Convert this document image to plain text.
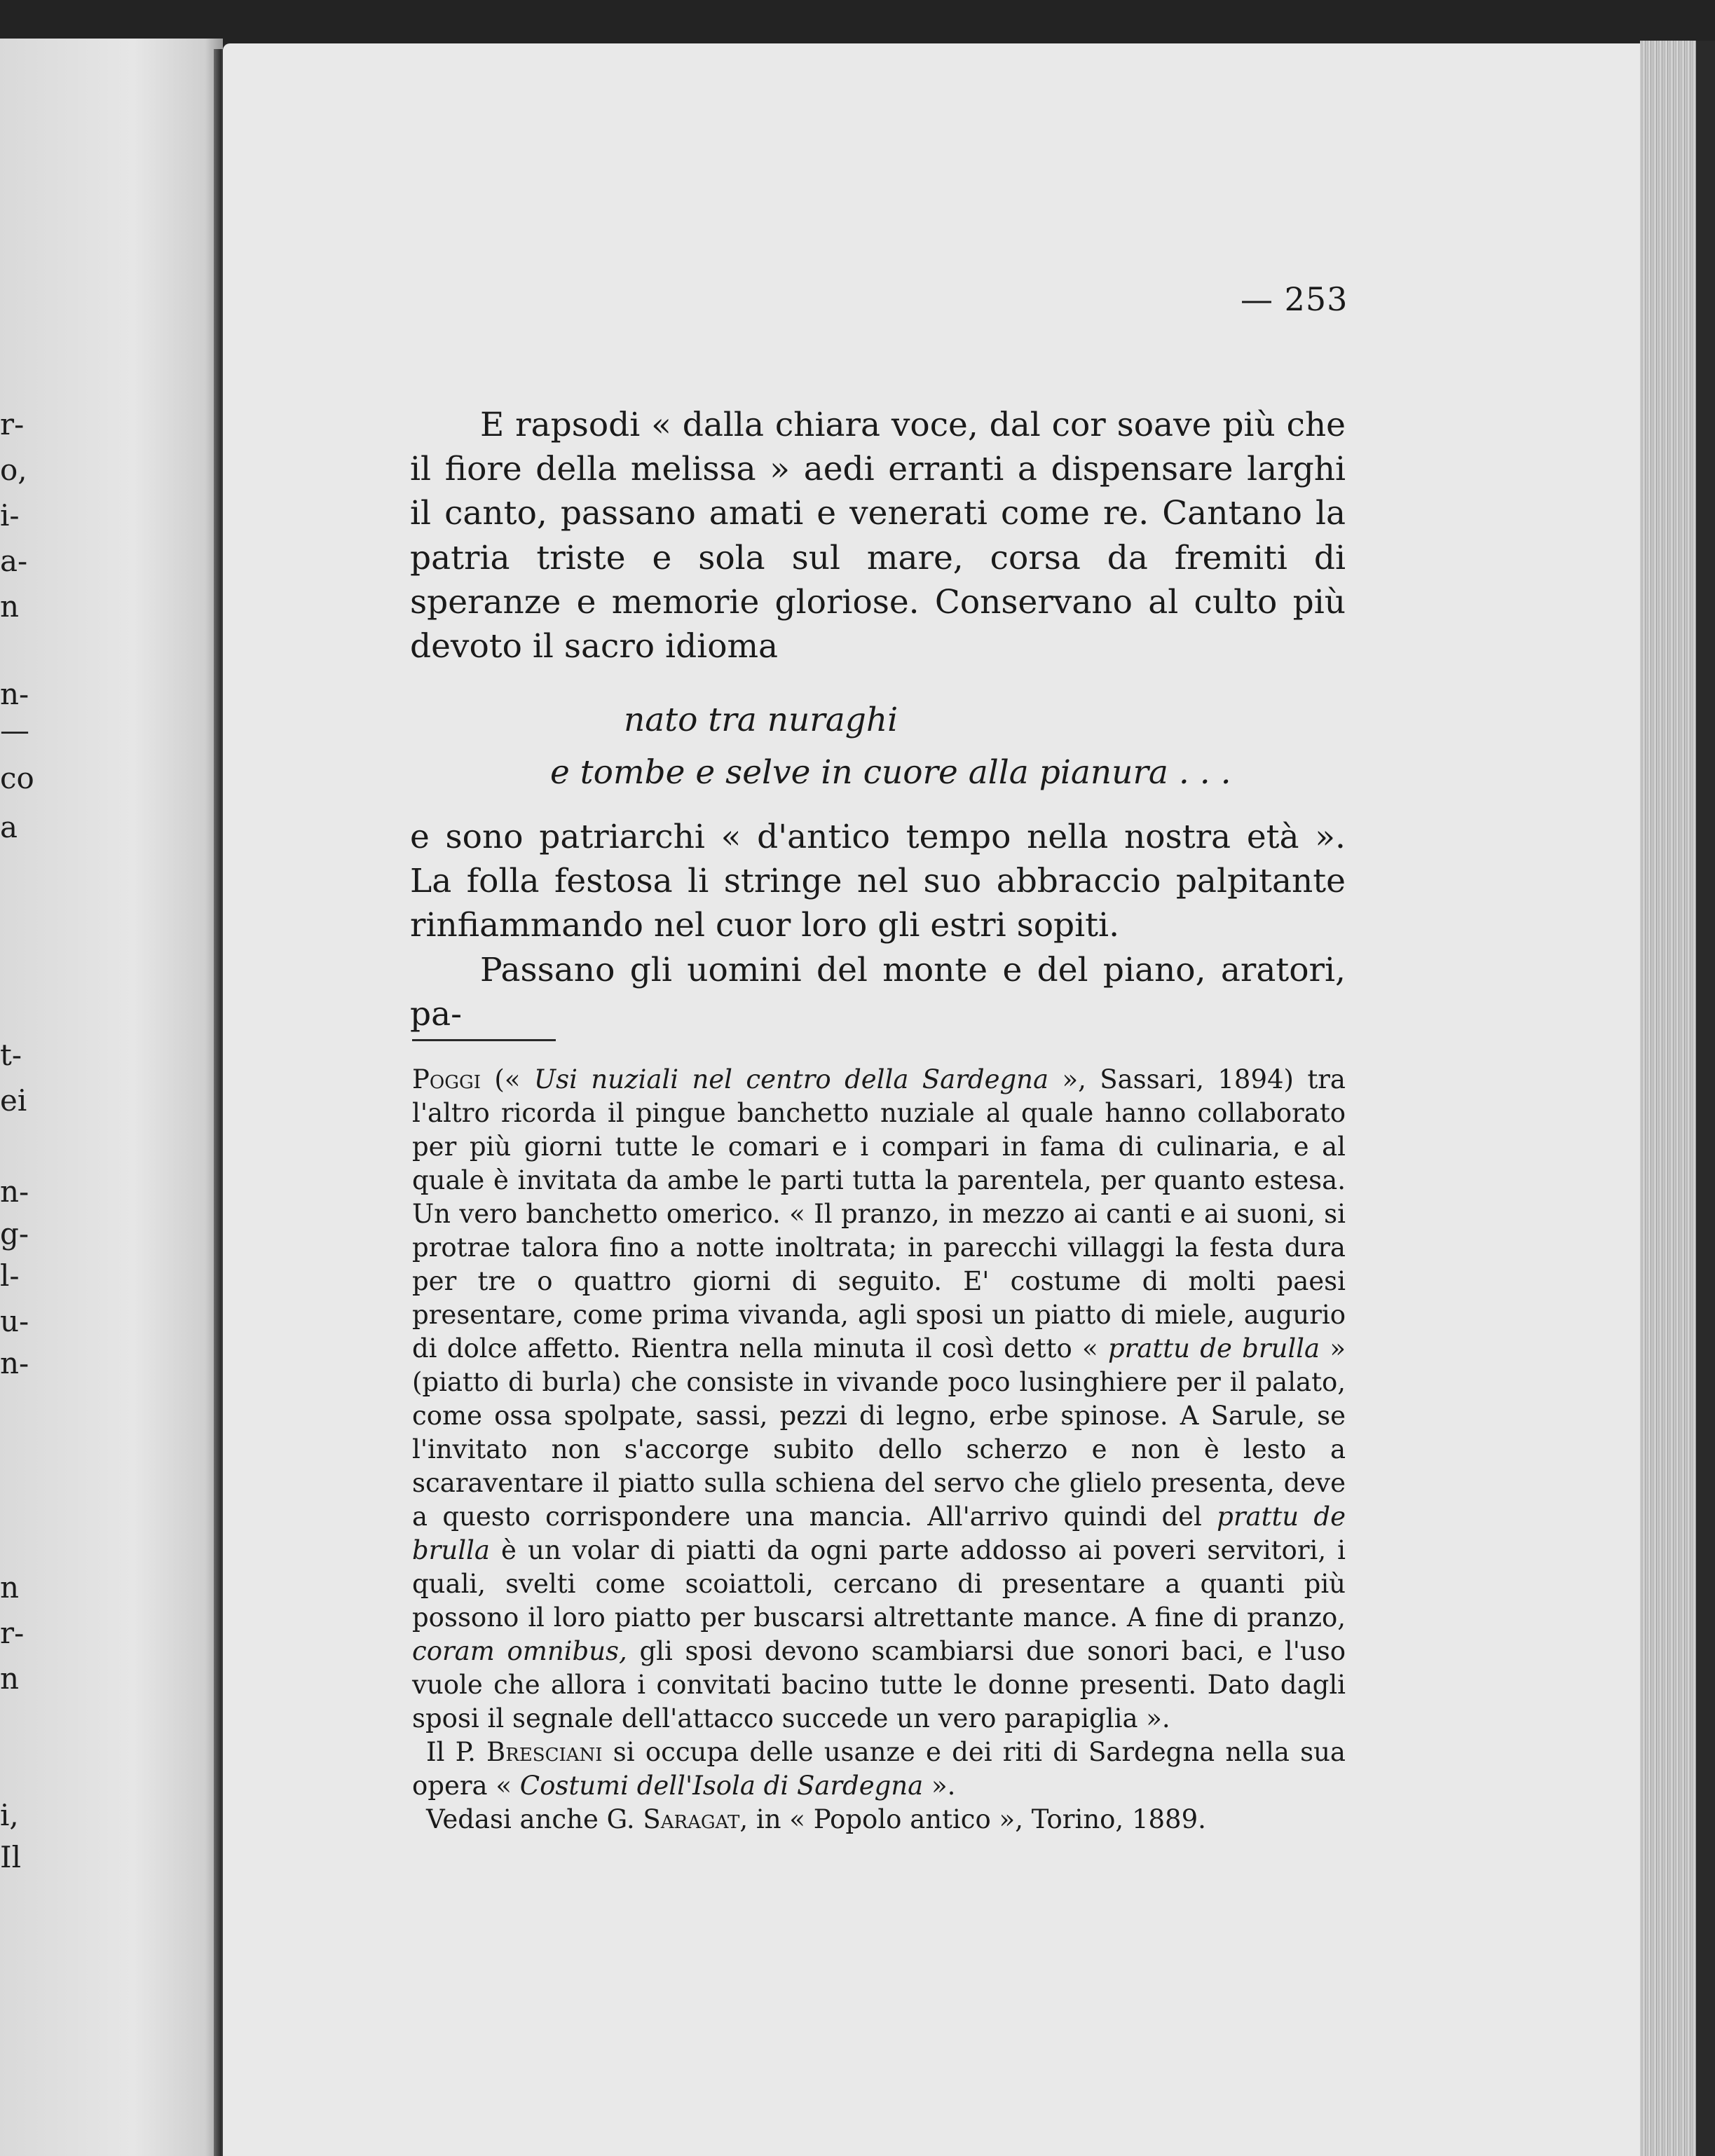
r-
o,
i-
a-
n
n-
—
co
a
t-
ei
n-
g-
l-
u-
n-
n
r-
n
i,
Il
— 253

E rapsodi « dalla chiara voce, dal cor soave più che il fiore della melissa » aedi erranti a dispensare larghi il canto, passano amati e venerati come re. Cantano la patria triste e sola sul mare, corsa da fremiti di speranze e memorie gloriose. Conservano al culto più devoto il sacro idioma

nato tra nuraghi
e tombe e selve in cuore alla pianura . . .

e sono patriarchi « d'antico tempo nella nostra età ». La folla festosa li stringe nel suo abbraccio palpitante rinfiammando nel cuor loro gli estri sopiti.

Passano gli uomini del monte e del piano, aratori, pa-

Poggi (« Usi nuziali nel centro della Sardegna », Sassari, 1894) tra l'altro ricorda il pingue banchetto nuziale al quale hanno collaborato per più giorni tutte le comari e i compari in fama di culinaria, e al quale è invitata da ambe le parti tutta la parentela, per quanto estesa. Un vero banchetto omerico. « Il pranzo, in mezzo ai canti e ai suoni, si protrae talora fino a notte inoltrata; in parecchi villaggi la festa dura per tre o quattro giorni di seguito. E' costume di molti paesi presentare, come prima vivanda, agli sposi un piatto di miele, augurio di dolce affetto. Rientra nella minuta il così detto « prattu de brulla » (piatto di burla) che consiste in vivande poco lusinghiere per il palato, come ossa spolpate, sassi, pezzi di legno, erbe spinose. A Sarule, se l'invitato non s'accorge subito dello scherzo e non è lesto a scaraventare il piatto sulla schiena del servo che glielo presenta, deve a questo corrispondere una mancia. All'arrivo quindi del prattu de brulla è un volar di piatti da ogni parte addosso ai poveri servitori, i quali, svelti come scoiattoli, cercano di presentare a quanti più possono il loro piatto per buscarsi altrettante mance. A fine di pranzo, coram omnibus, gli sposi devono scambiarsi due sonori baci, e l'uso vuole che allora i convitati bacino tutte le donne presenti. Dato dagli sposi il segnale dell'attacco succede un vero parapiglia ».

Il P. Bresciani si occupa delle usanze e dei riti di Sardegna nella sua opera « Costumi dell'Isola di Sardegna ».

Vedasi anche G. Saragat, in « Popolo antico », Torino, 1889.
